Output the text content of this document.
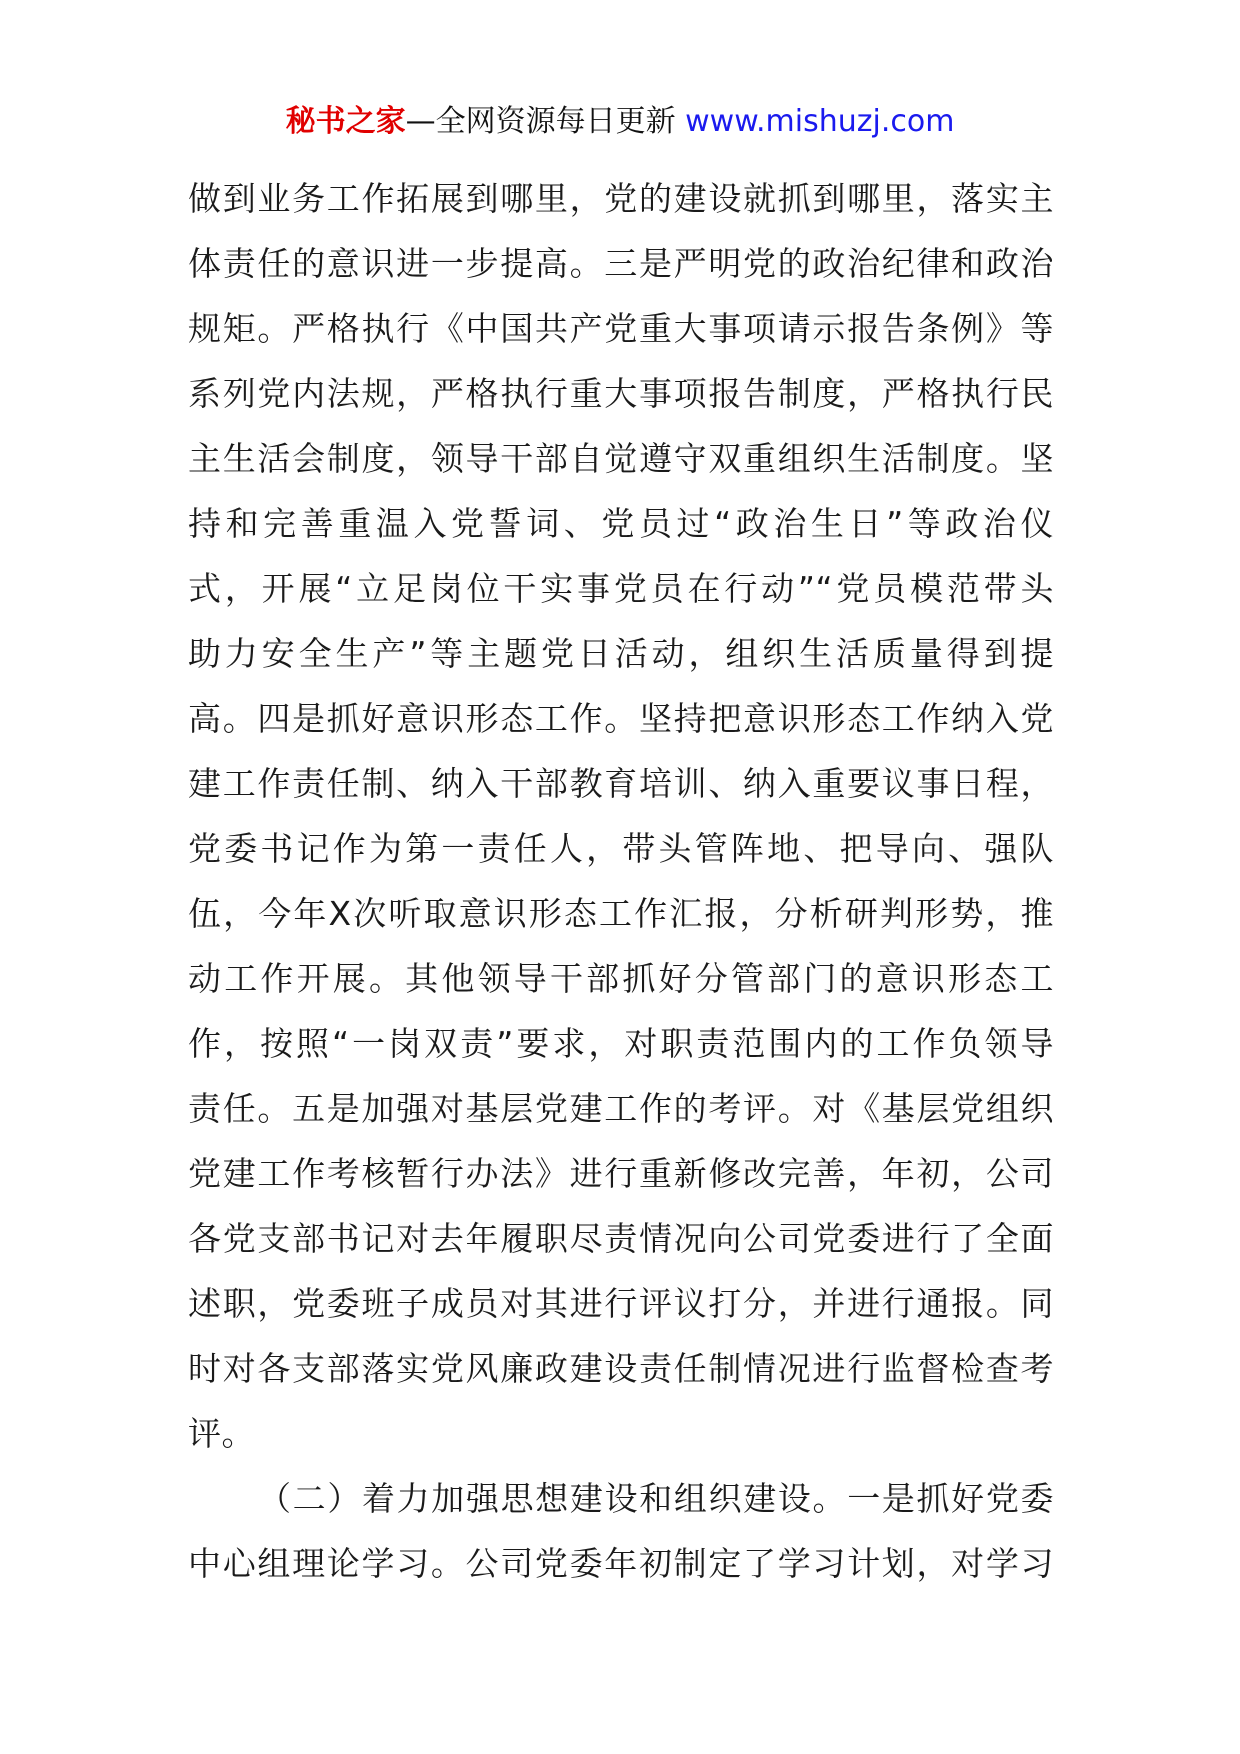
秘书之家—全网资源每日更新 www.mishuzj.com
做到业务工作拓展到哪里，党的建设就抓到哪里，落实主
体责任的意识进一步提高。三是严明党的政治纪律和政治
规矩。严格执行《中国共产党重大事项请示报告条例》等
系列党内法规，严格执行重大事项报告制度，严格执行民
主生活会制度，领导干部自觉遵守双重组织生活制度。坚
持和完善重温入党誓词、党员过“政治生日”等政治仪
式，开展“立足岗位干实事党员在行动”“党员模范带头
助力安全生产”等主题党日活动，组织生活质量得到提
高。四是抓好意识形态工作。坚持把意识形态工作纳入党
建工作责任制、纳入干部教育培训、纳入重要议事日程，
党委书记作为第一责任人，带头管阵地、把导向、强队
伍，今年X次听取意识形态工作汇报，分析研判形势，推
动工作开展。其他领导干部抓好分管部门的意识形态工
作，按照“一岗双责”要求，对职责范围内的工作负领导
责任。五是加强对基层党建工作的考评。对《基层党组织
党建工作考核暂行办法》进行重新修改完善，年初，公司
各党支部书记对去年履职尽责情况向公司党委进行了全面
述职，党委班子成员对其进行评议打分，并进行通报。同
时对各支部落实党风廉政建设责任制情况进行监督检查考
评。
（二）着力加强思想建设和组织建设。一是抓好党委
中心组理论学习。公司党委年初制定了学习计划，对学习
